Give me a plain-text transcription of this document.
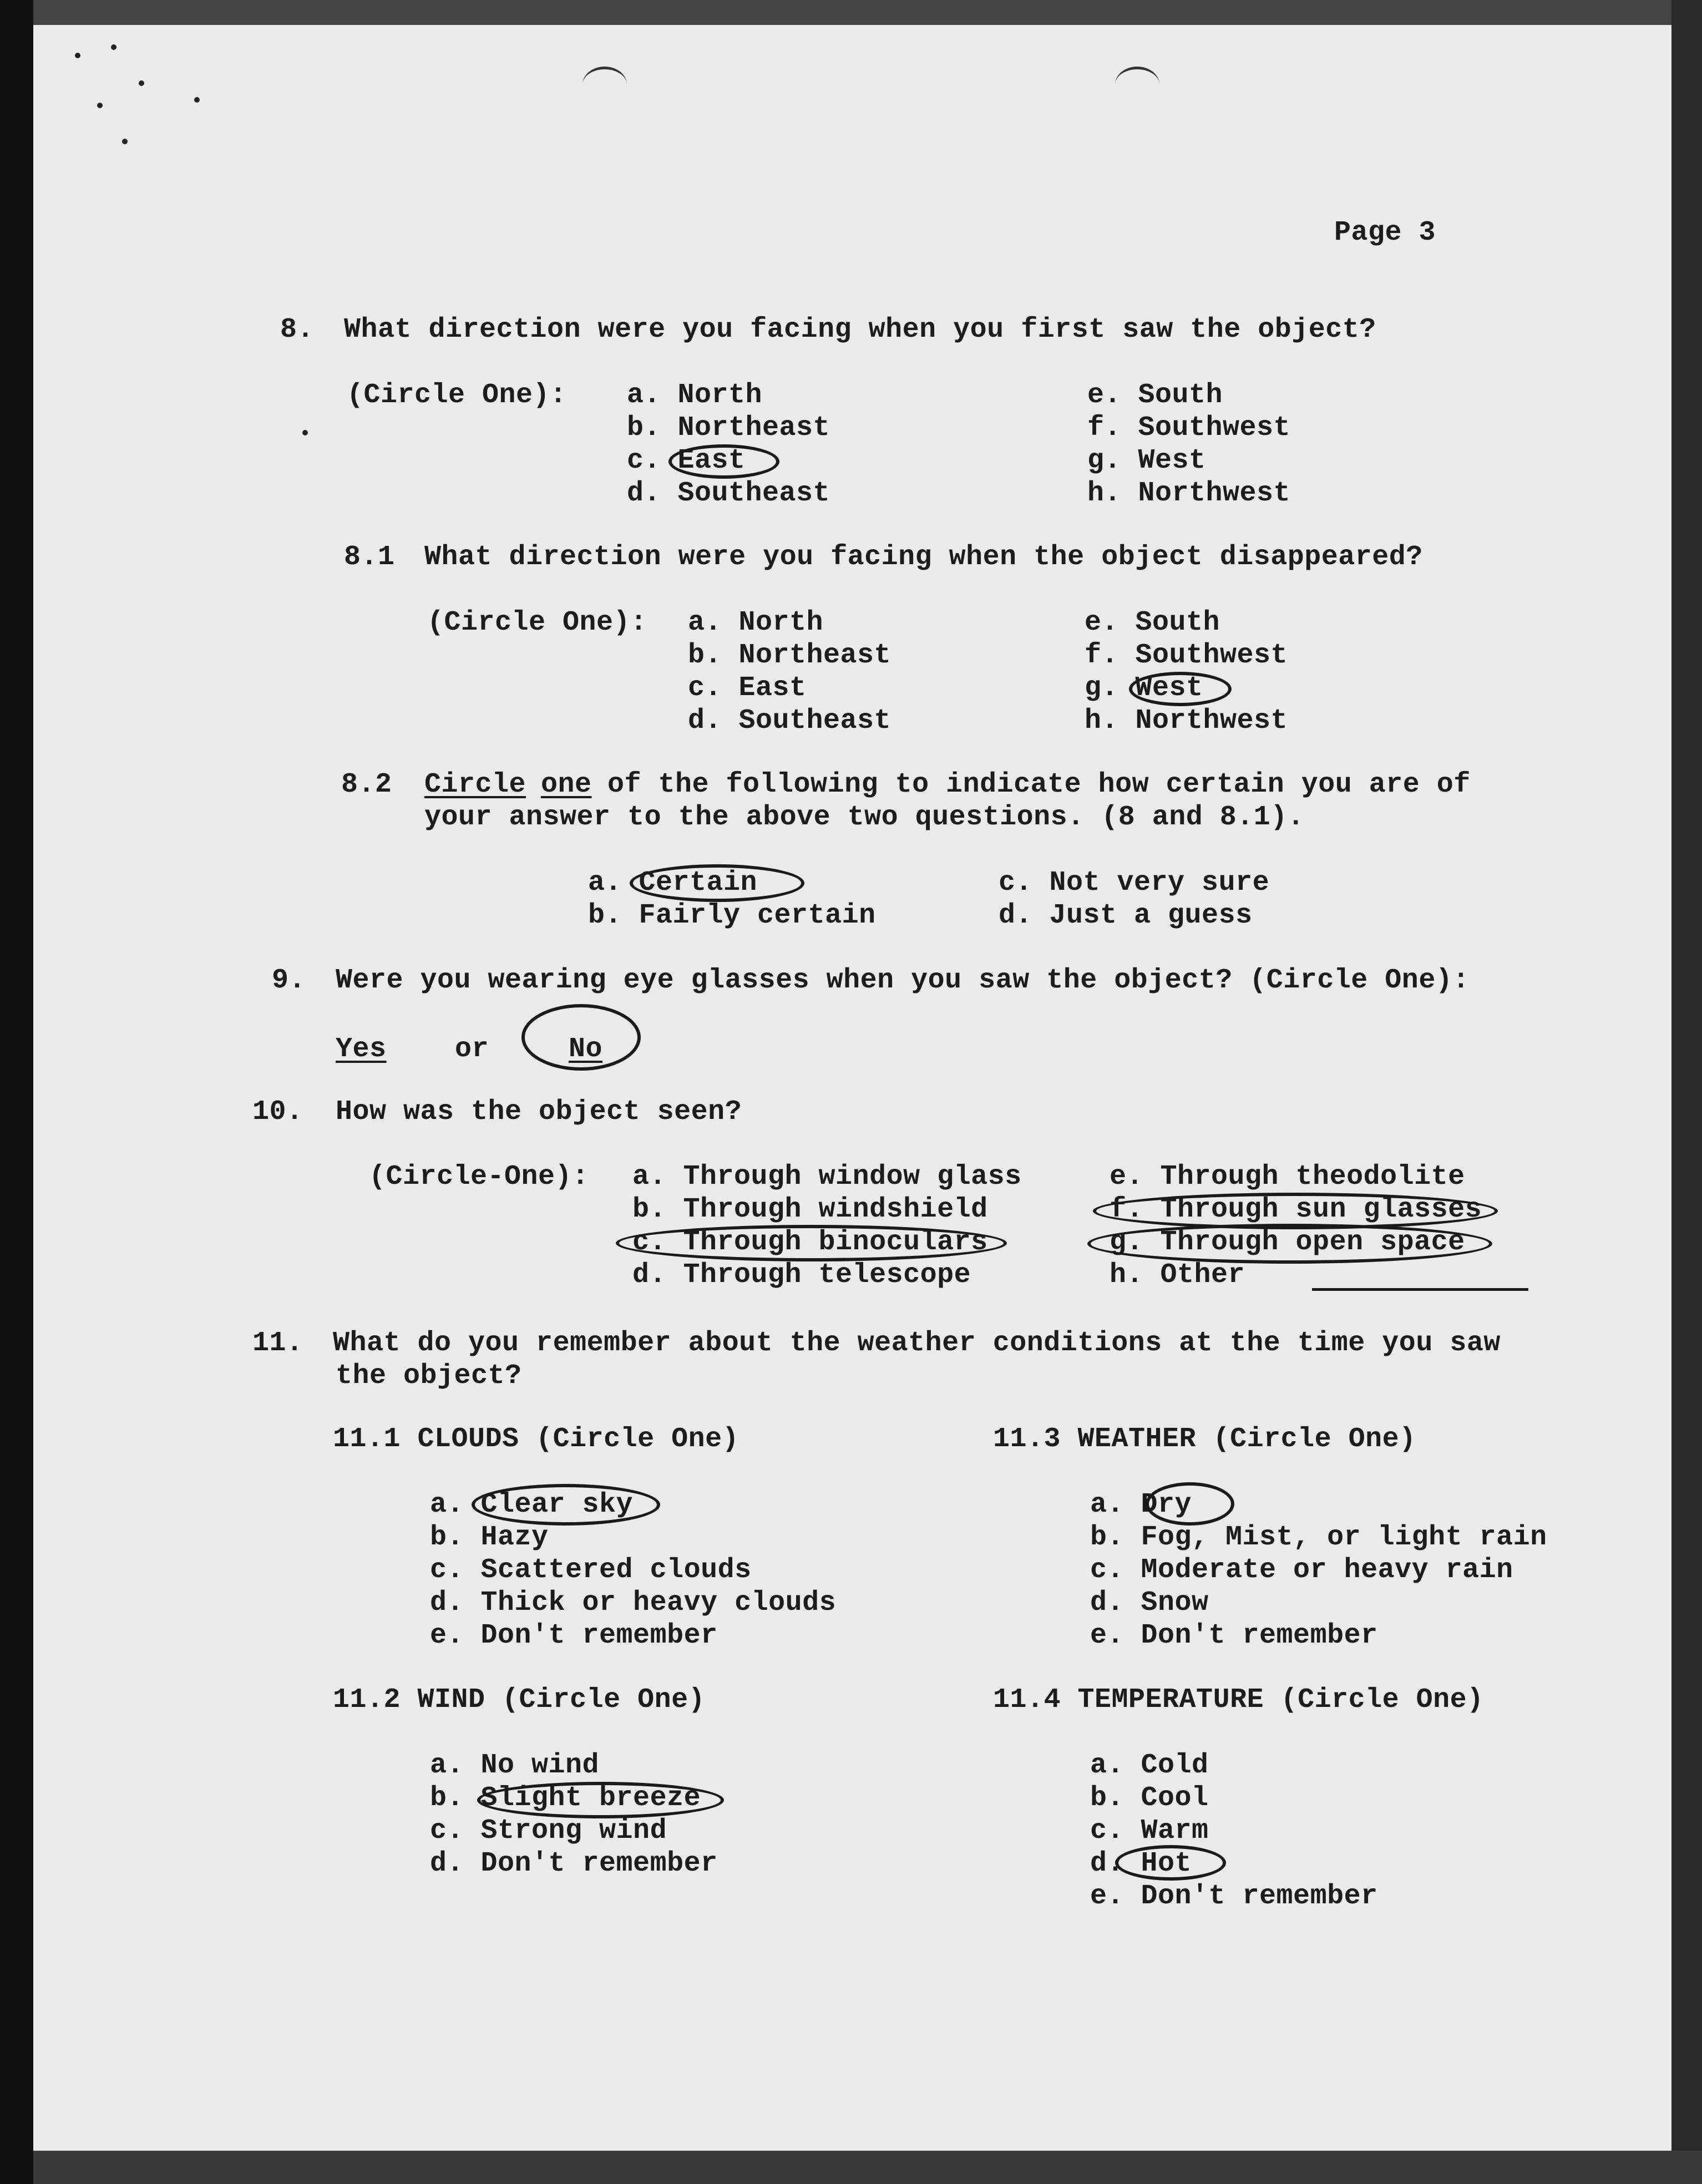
Page 3
8. What direction were you facing when you first saw the object?
(Circle One): a. North
b. Northeast
c. East
d. Southeast
e. South
f. Southwest
g. West
h. Northwest
8.1 What direction were you facing when the object disappeared?
(Circle One): a. North
b. Northeast
c. East
d. Southeast
e. South
f. Southwest
g. West
h. Northwest
8.2 Circle one of the following to indicate how certain you are of
your answer to the above two questions. (8 and 8.1).
a. Certain
b. Fairly certain
c. Not very sure
d. Just a guess
9. Were you wearing eye glasses when you saw the object? (Circle One):
Yes or	No
10. How was the object seen?
(Circle-One): a. Through window glass
b. Through windshield
c. Through binoculars
d. Through telescope
e. Through theodolite
f. Through sun glasses
g. Through open space
h. Other
11. What do you remember about the weather conditions at the time you saw
the object?
11.1 CLOUDS (Circle One)
a. Clear sky
b. Hazy
c. Scattered clouds
d. Thick or heavy clouds
e. Don't remember
11.2 WIND (Circle One)
a. No wind
b. Slight breeze
c. Strong wind
d. Don't remember
11.3 WEATHER (Circle One)
a. Dry
b. Fog, Mist, or light rain
c. Moderate or heavy rain
d. Snow
e. Don't remember
11.4 TEMPERATURE (Circle One)
a. Cold
b. Cool
c. Warm
d. Hot
e. Don't remember
